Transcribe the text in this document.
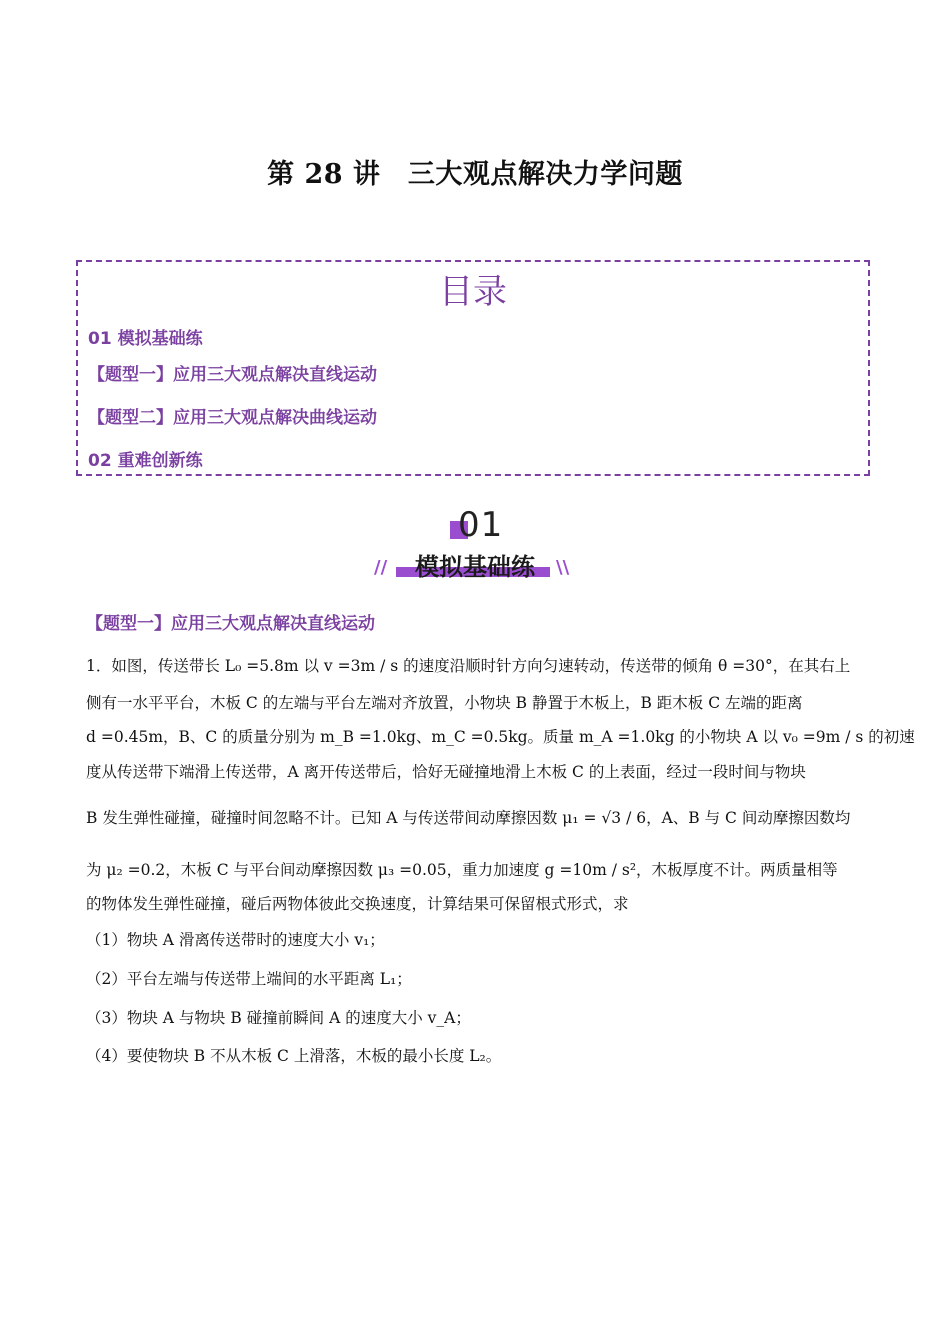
第 28 讲　三大观点解决力学问题
目录
01 模拟基础练
【题型一】应用三大观点解决直线运动
【题型二】应用三大观点解决曲线运动
02 重难创新练
01
模拟基础练
//	\\
【题型一】应用三大观点解决直线运动
1．如图，传送带长 L₀ =5.8m 以 v =3m / s 的速度沿顺时针方向匀速转动，传送带的倾角 θ =30°，在其右上
侧有一水平平台，木板 C 的左端与平台左端对齐放置，小物块 B 静置于木板上，B 距木板 C 左端的距离
d =0.45m，B、C 的质量分别为 m_B =1.0kg、m_C =0.5kg。质量 m_A =1.0kg 的小物块 A 以 v₀ =9m / s 的初速
度从传送带下端滑上传送带，A 离开传送带后，恰好无碰撞地滑上木板 C 的上表面，经过一段时间与物块
B 发生弹性碰撞，碰撞时间忽略不计。已知 A 与传送带间动摩擦因数 μ₁ = √3 / 6，A、B 与 C 间动摩擦因数均
为 μ₂ =0.2，木板 C 与平台间动摩擦因数 μ₃ =0.05，重力加速度 g =10m / s²，木板厚度不计。两质量相等
的物体发生弹性碰撞，碰后两物体彼此交换速度，计算结果可保留根式形式，求
（1）物块 A 滑离传送带时的速度大小 v₁；
（2）平台左端与传送带上端间的水平距离 L₁；
（3）物块 A 与物块 B 碰撞前瞬间 A 的速度大小 v_A；
（4）要使物块 B 不从木板 C 上滑落，木板的最小长度 L₂。
